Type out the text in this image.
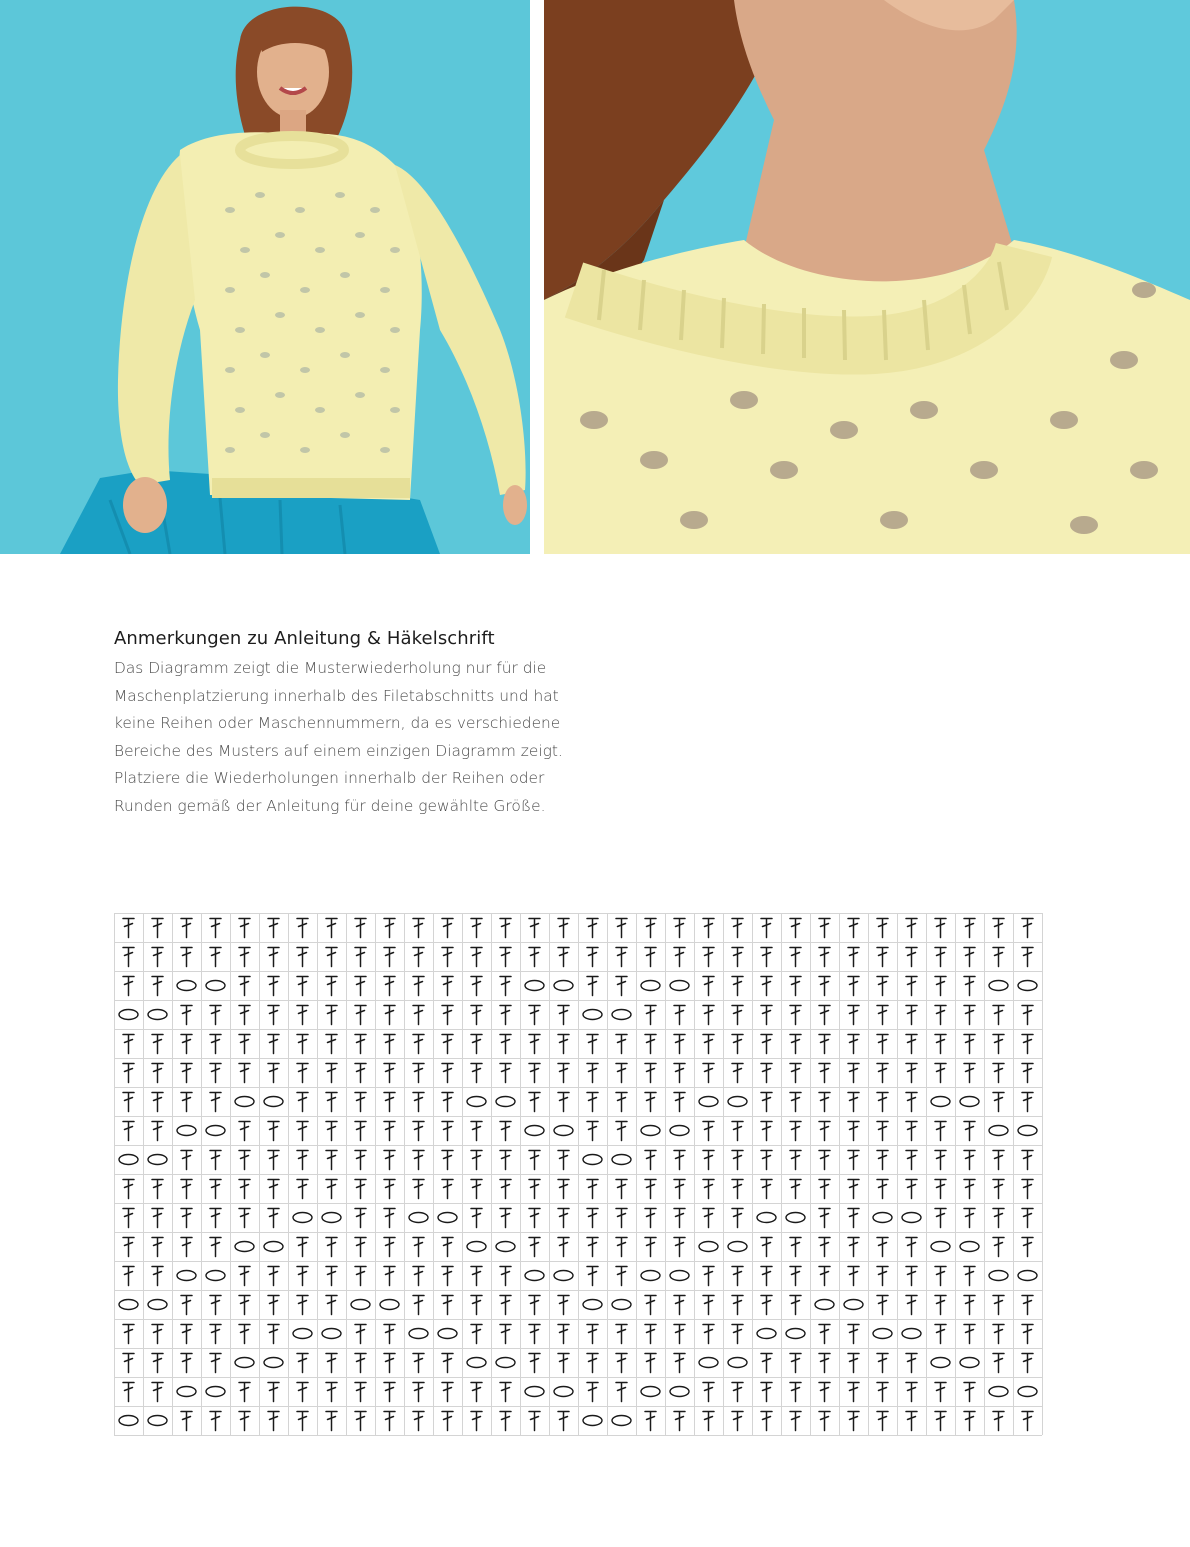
Anmerkungen zu Anleitung & Häkelschrift

Das Diagramm zeigt die Musterwiederholung nur für die
Maschenplatzierung innerhalb des Filetabschnitts und hat
keine Reihen oder Maschennummern, da es verschiedene
Bereiche des Musters auf einem einzigen Diagramm zeigt.
Platziere die Wiederholungen innerhalb der Reihen oder
Runden gemäß der Anleitung für deine gewählte Größe.
